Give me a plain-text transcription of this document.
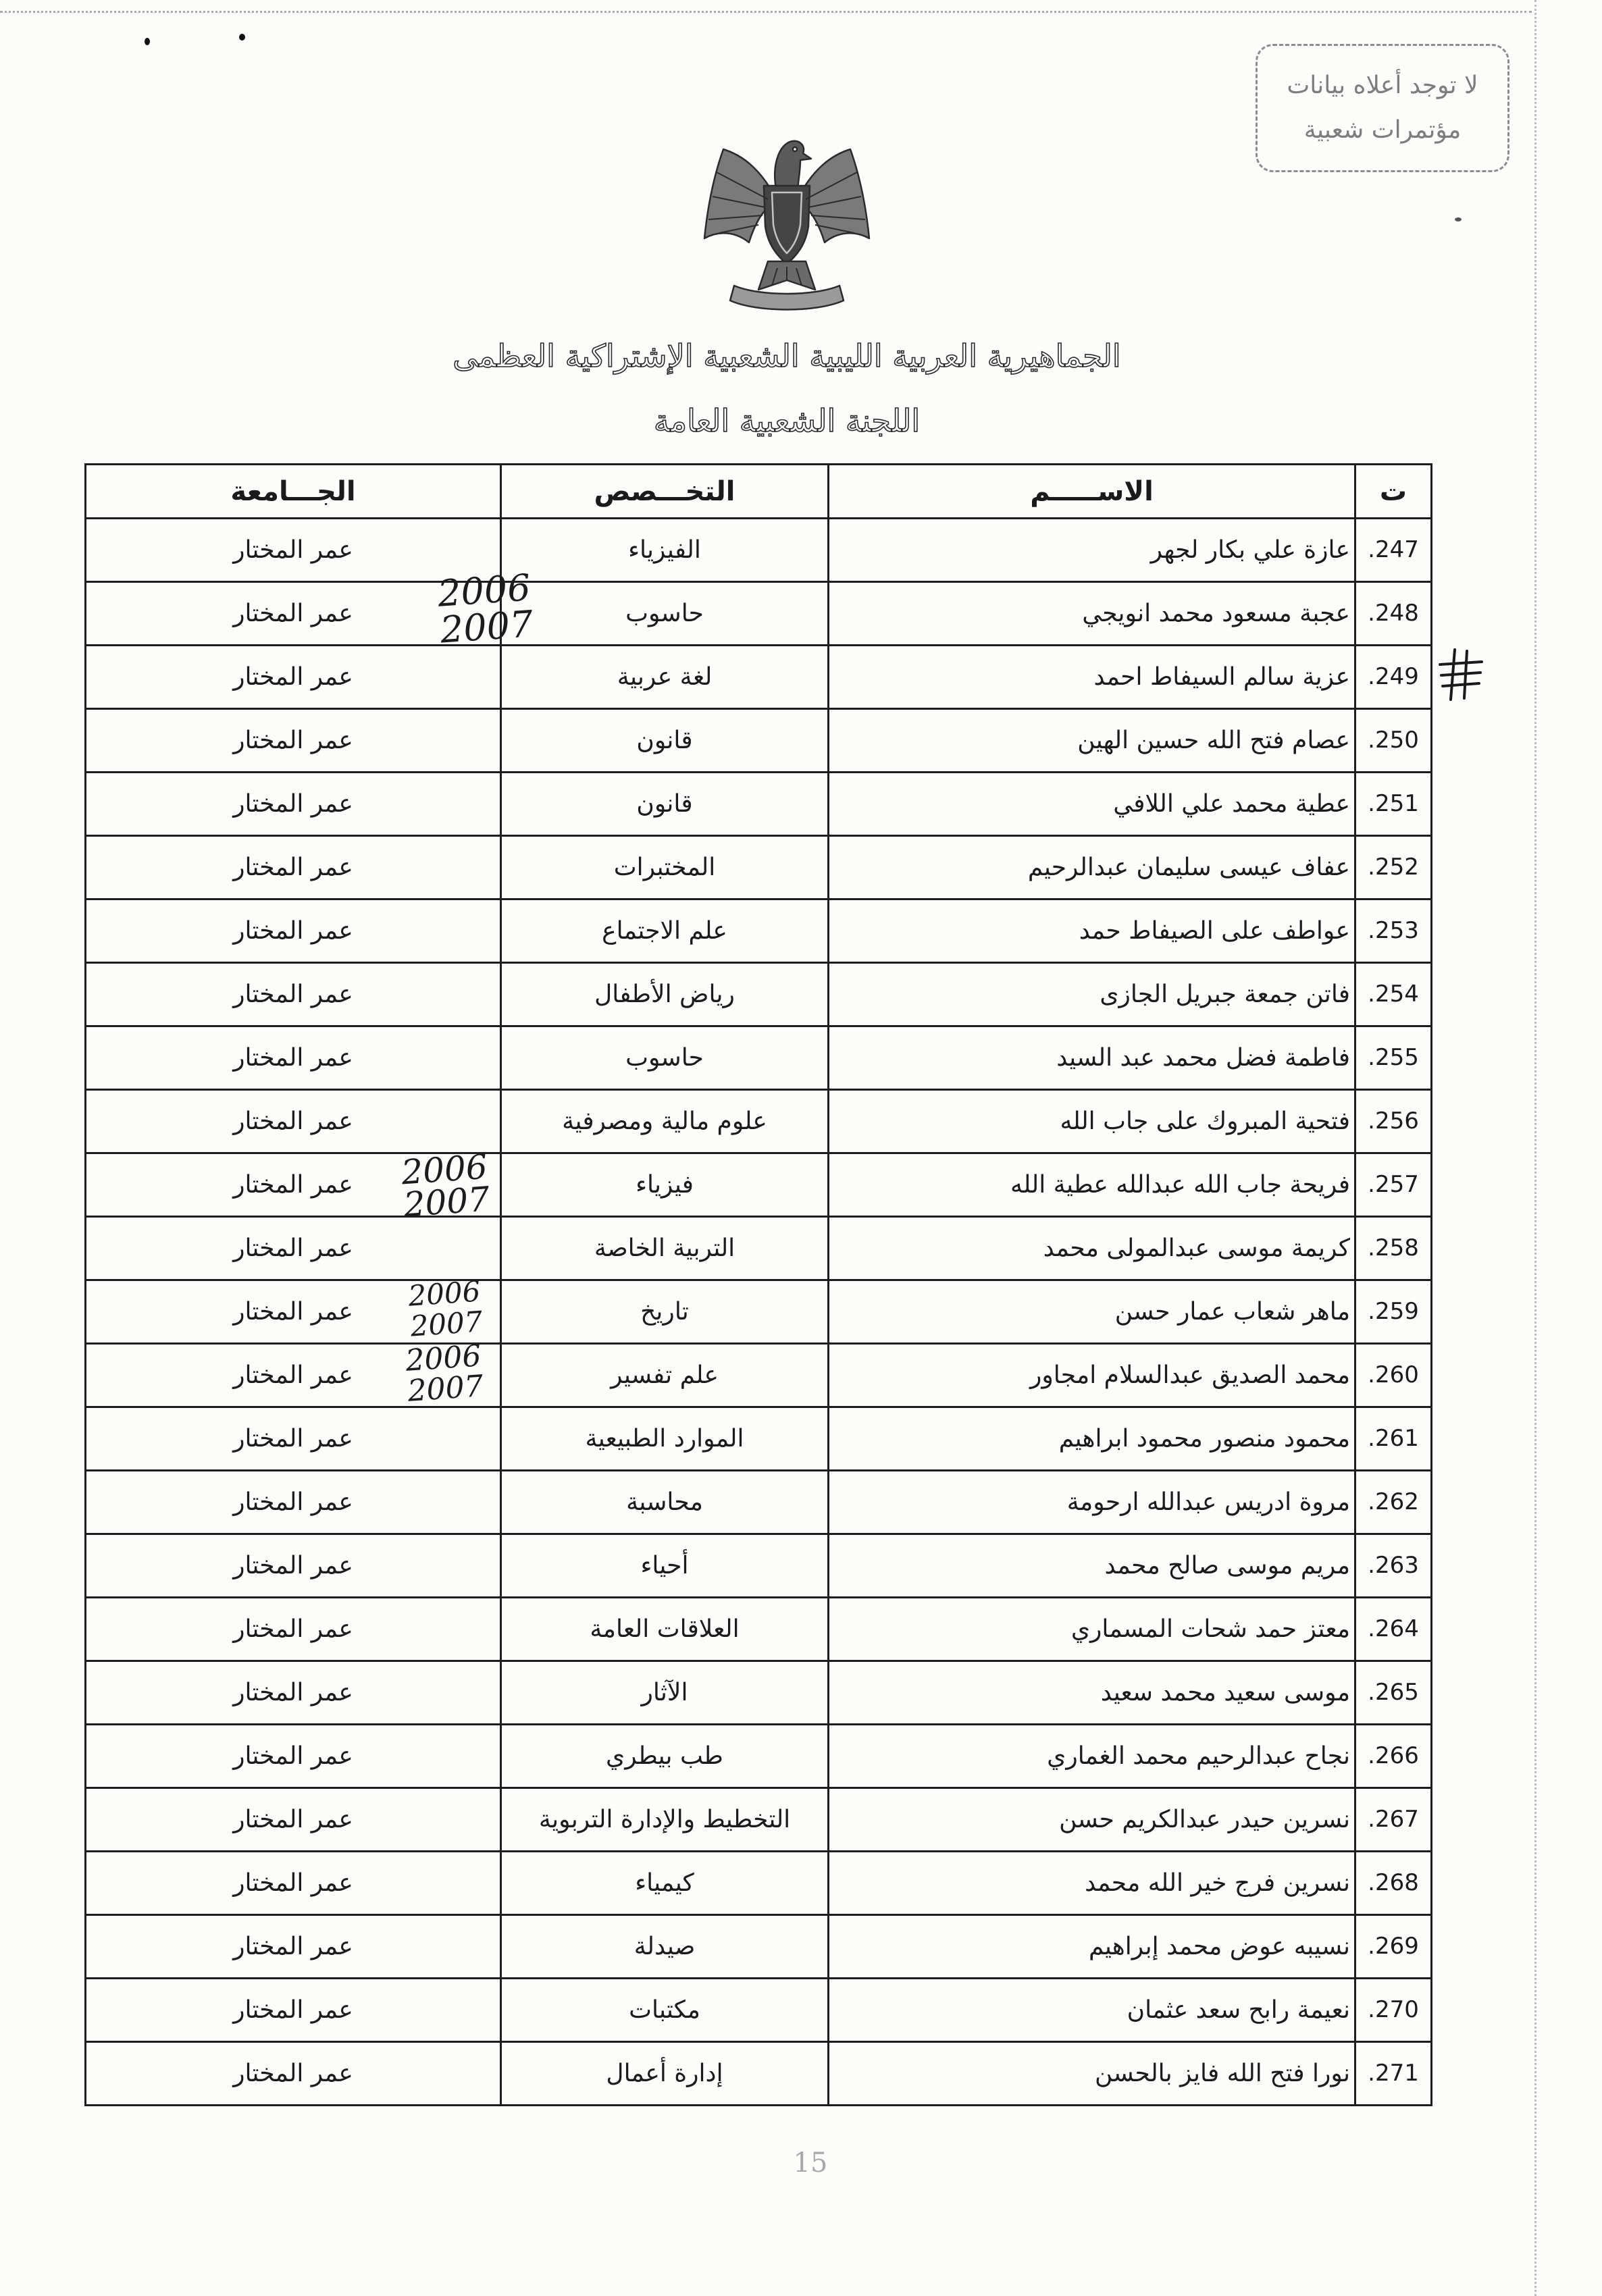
لا توجد أعلاه بيانات
مؤتمرات شعبية
الجماهيرية العربية الليبية الشعبية الإشتراكية العظمى
اللجنة الشعبية العامة
ت	الاســـــم	التخـــصص	الجـــامعة
247.	عازة علي بكار لجهر	الفيزياء	عمر المختار
248.	عجبة مسعود محمد انويجي	حاسوب	عمر المختار
249.	عزية سالم السيفاط احمد	لغة عربية	عمر المختار
250.	عصام فتح الله حسين الهين	قانون	عمر المختار
251.	عطية محمد علي اللافي	قانون	عمر المختار
252.	عفاف عيسى سليمان عبدالرحيم	المختبرات	عمر المختار
253.	عواطف على الصيفاط حمد	علم الاجتماع	عمر المختار
254.	فاتن جمعة جبريل الجازى	رياض الأطفال	عمر المختار
255.	فاطمة فضل محمد عبد السيد	حاسوب	عمر المختار
256.	فتحية المبروك على جاب الله	علوم مالية ومصرفية	عمر المختار
257.	فريحة جاب الله عبدالله عطية الله	فيزياء	عمر المختار
258.	كريمة موسى عبدالمولى محمد	التربية الخاصة	عمر المختار
259.	ماهر شعاب عمار حسن	تاريخ	عمر المختار
260.	محمد الصديق عبدالسلام امجاور	علم تفسير	عمر المختار
261.	محمود منصور محمود ابراهيم	الموارد الطبيعية	عمر المختار
262.	مروة ادريس عبدالله ارحومة	محاسبة	عمر المختار
263.	مريم موسى صالح محمد	أحياء	عمر المختار
264.	معتز حمد شحات المسماري	العلاقات العامة	عمر المختار
265.	موسى سعيد محمد سعيد	الآثار	عمر المختار
266.	نجاح عبدالرحيم محمد الغماري	طب بيطري	عمر المختار
267.	نسرين حيدر عبدالكريم حسن	التخطيط والإدارة التربوية	عمر المختار
268.	نسرين فرج خير الله محمد	كيمياء	عمر المختار
269.	نسيبه عوض محمد إبراهيم	صيدلة	عمر المختار
270.	نعيمة رابح سعد عثمان	مكتبات	عمر المختار
271.	نورا فتح الله فايز بالحسن	إدارة أعمال	عمر المختار
2006
2007
2006
2007
2006
2007
2006
2007
15
